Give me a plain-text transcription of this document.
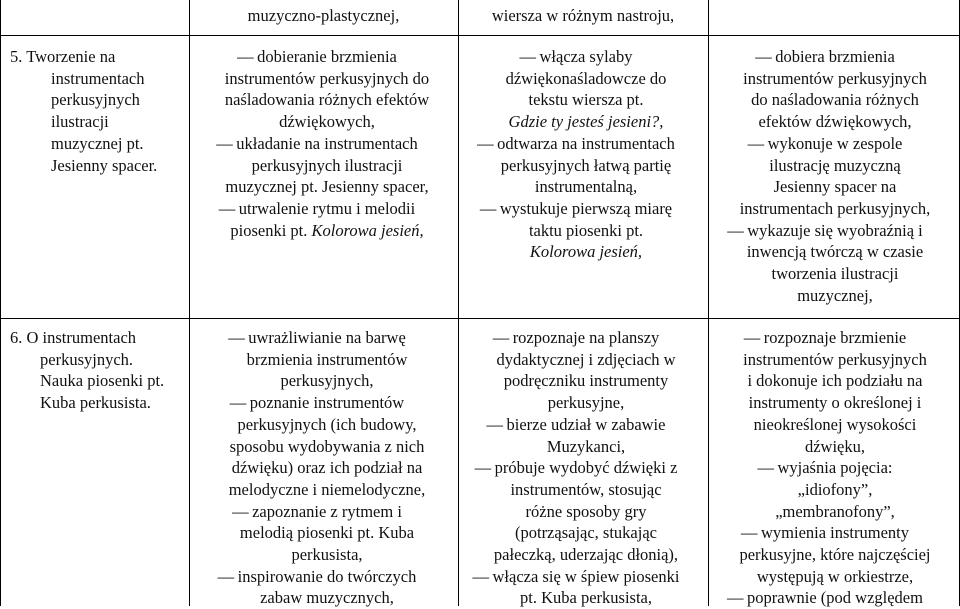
muzyczno-plastycznej,	wiersza w różnym nastroju,

5. Tworzenie na

instrumentach

perkusyjnych

ilustracji

muzycznej pt.

Jesienny spacer.

— dobieranie brzmienia

instrumentów perkusyjnych do

naśladowania różnych efektów

dźwiękowych,

— układanie na instrumentach

perkusyjnych ilustracji

muzycznej pt. Jesienny spacer,

— utrwalenie rytmu i melodii

piosenki pt. Kolorowa jesień,

— włącza sylaby

dźwiękonaśladowcze do

tekstu wiersza pt.

Gdzie ty jesteś jesieni?,

— odtwarza na instrumentach

perkusyjnych łatwą partię

instrumentalną,

— wystukuje pierwszą miarę

taktu piosenki pt.

Kolorowa jesień,

— dobiera brzmienia

instrumentów perkusyjnych

do naśladowania różnych

efektów dźwiękowych,

— wykonuje w zespole

ilustrację muzyczną

Jesienny spacer na

instrumentach perkusyjnych,

— wykazuje się wyobraźnią i

inwencją twórczą w czasie

tworzenia ilustracji

muzycznej,

6. O instrumentach

perkusyjnych.

Nauka piosenki pt.

Kuba perkusista.

— uwrażliwianie na barwę

brzmienia instrumentów

perkusyjnych,

— poznanie instrumentów

perkusyjnych (ich budowy,

sposobu wydobywania z nich

dźwięku) oraz ich podział na

melodyczne i niemelodyczne,

— zapoznanie z rytmem i

melodią piosenki pt. Kuba

perkusista,

— inspirowanie do twórczych

zabaw muzycznych,

— rozpoznaje na planszy

dydaktycznej i zdjęciach w

podręczniku instrumenty

perkusyjne,

— bierze udział w zabawie

Muzykanci,

— próbuje wydobyć dźwięki z

instrumentów, stosując

różne sposoby gry

(potrząsając, stukając

pałeczką, uderzając dłonią),

— włącza się w śpiew piosenki

pt. Kuba perkusista,

— rozpoznaje brzmienie

instrumentów perkusyjnych

i dokonuje ich podziału na

instrumenty o określonej i

nieokreślonej wysokości

dźwięku,

— wyjaśnia pojęcia:

„idiofony”,

„membranofony”,

— wymienia instrumenty

perkusyjne, które najczęściej

występują w orkiestrze,

— poprawnie (pod względem
